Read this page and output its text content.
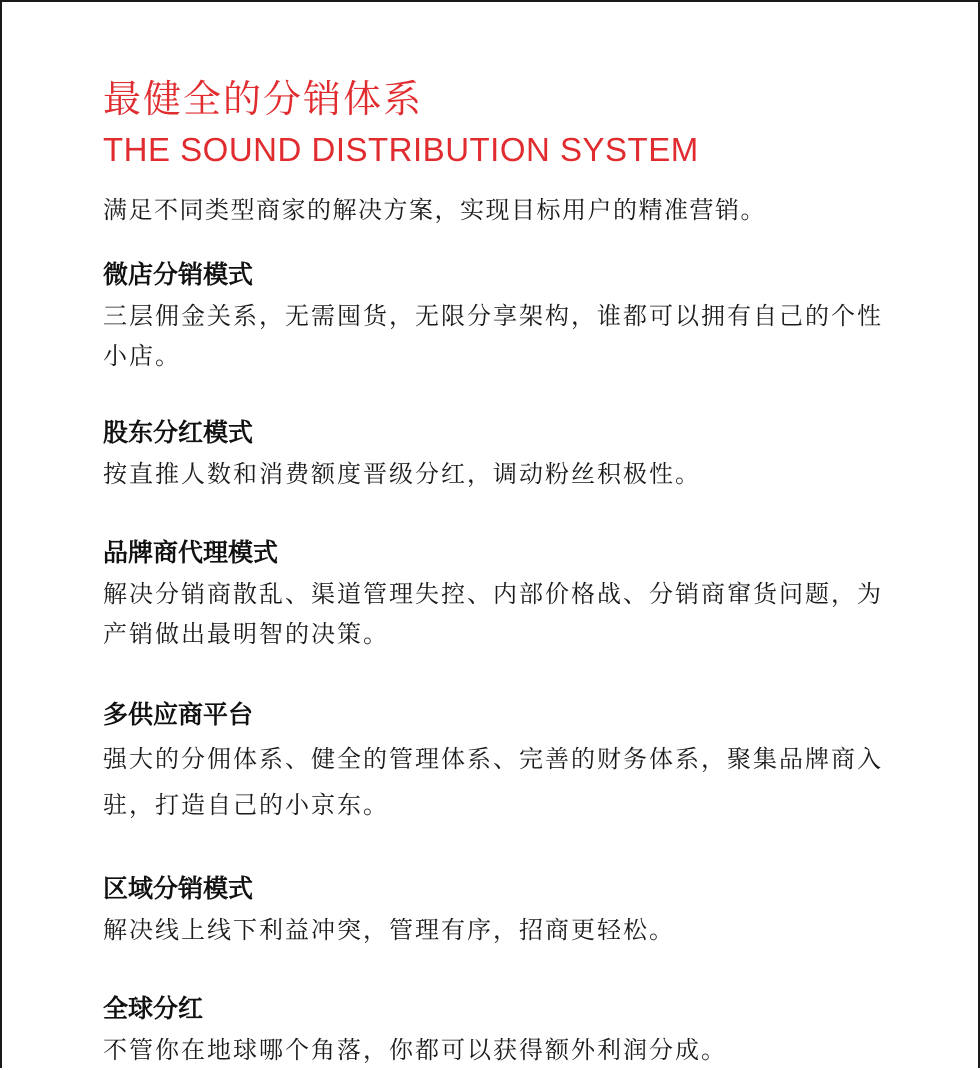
最健全的分销体系
THE SOUND DISTRIBUTION SYSTEM

满足不同类型商家的解决方案，实现目标用户的精准营销。

微店分销模式

三层佣金关系，无需囤货，无限分享架构，谁都可以拥有自己的个性小店。

股东分红模式

按直推人数和消费额度晋级分红，调动粉丝积极性。

品牌商代理模式

解决分销商散乱、渠道管理失控、内部价格战、分销商窜货问题，为产销做出最明智的决策。

多供应商平台

强大的分佣体系、健全的管理体系、完善的财务体系，聚集品牌商入驻，打造自己的小京东。

区域分销模式

解决线上线下利益冲突，管理有序，招商更轻松。

全球分红

不管你在地球哪个角落，你都可以获得额外利润分成。
